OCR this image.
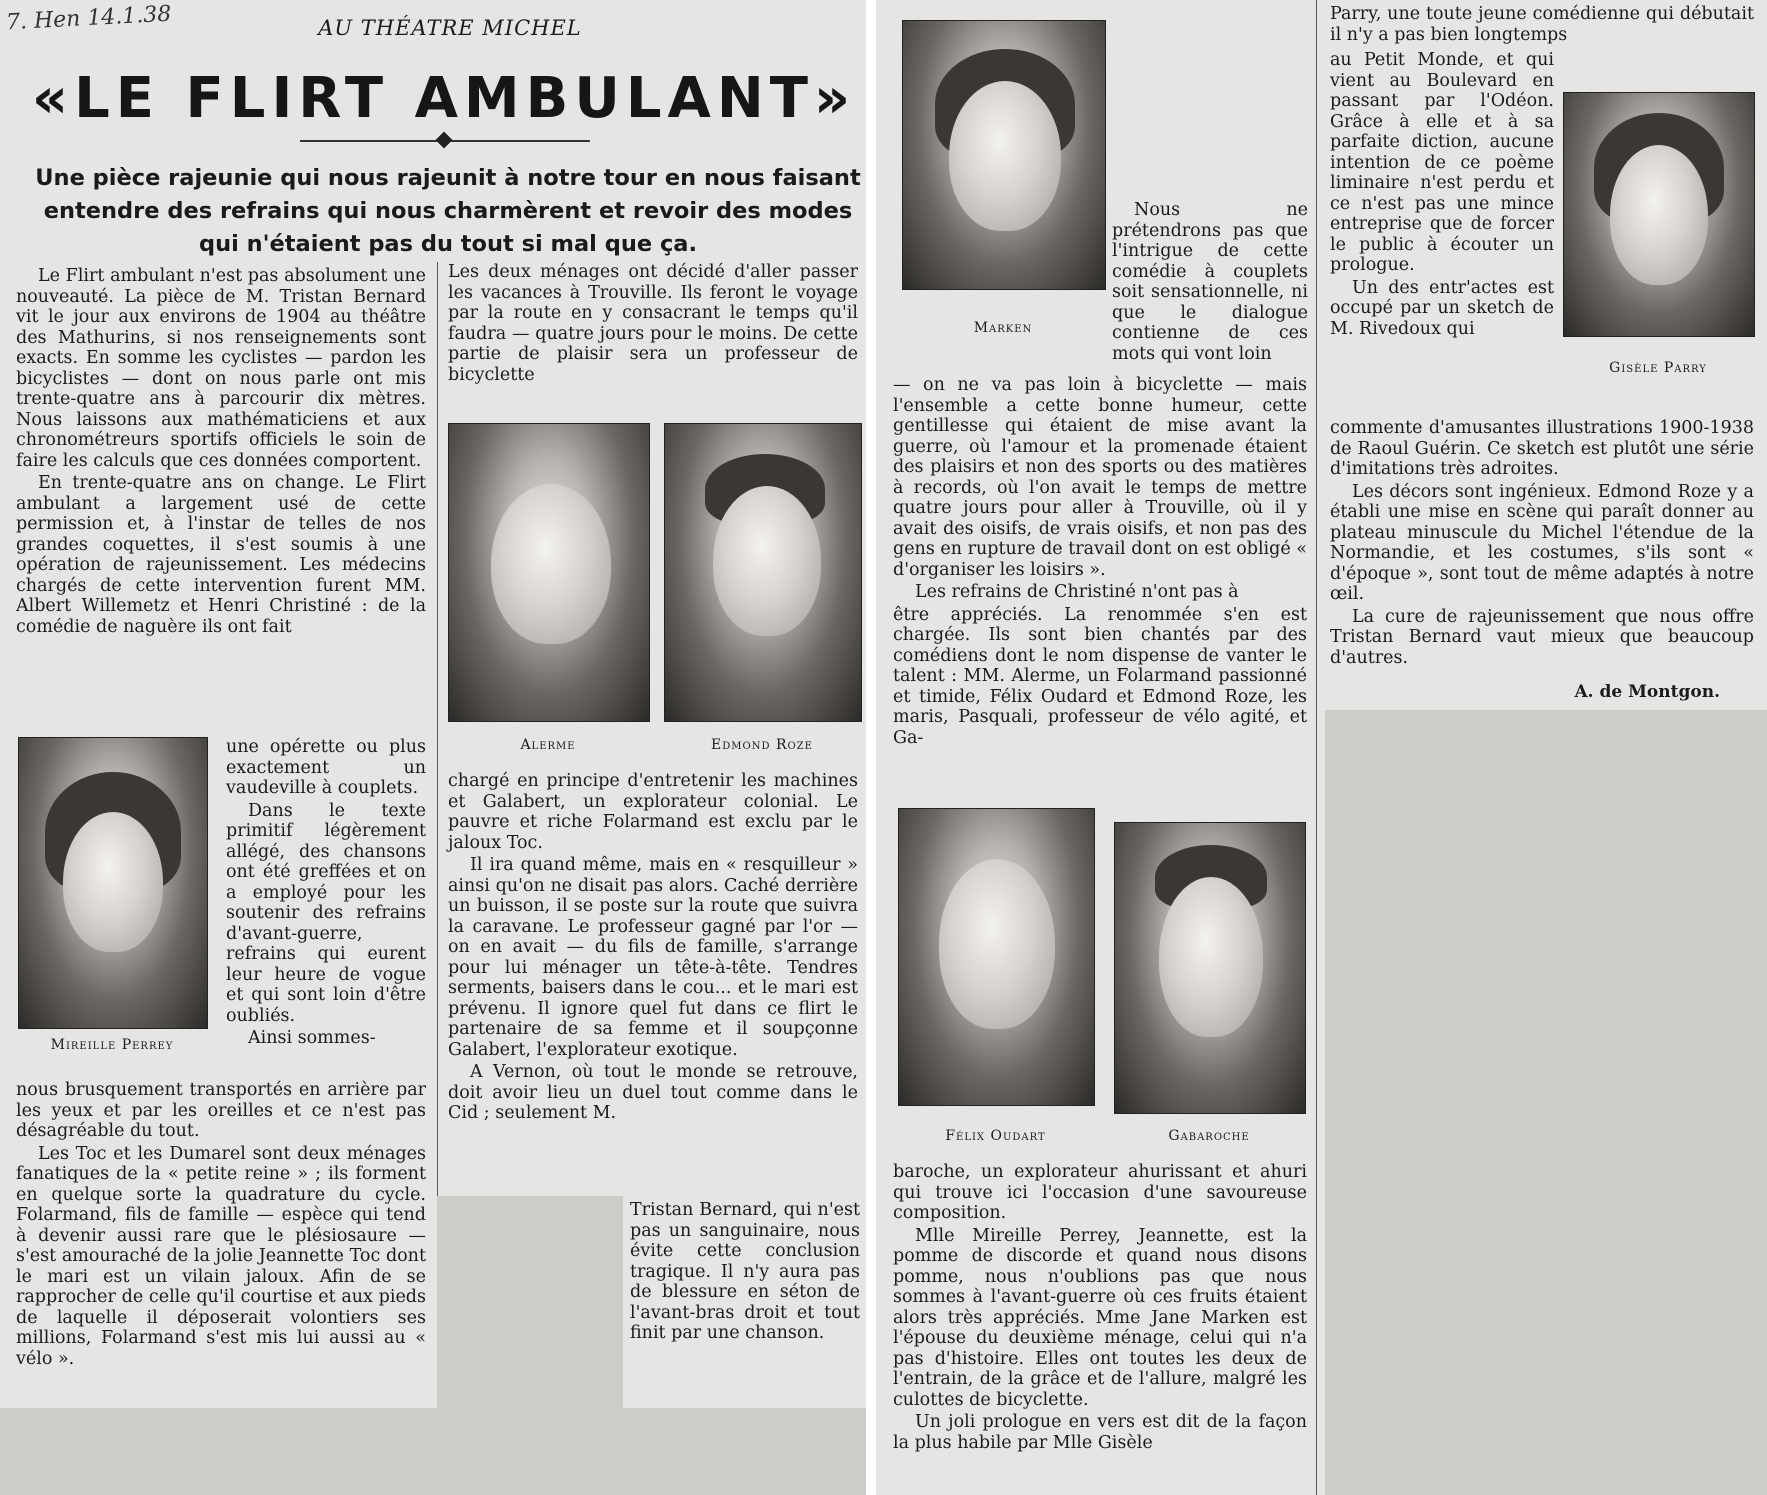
7. Hen 14.1.38	AU THÉATRE MICHEL
«LE FLIRT AMBULANT»
Une pièce rajeunie qui nous rajeunit à notre tour en nous faisant entendre des refrains qui nous charmèrent et revoir des modes qui n'étaient pas du tout si mal que ça.

Le Flirt ambulant n'est pas absolument une nouveauté. La pièce de M. Tristan Bernard vit le jour aux environs de 1904 au théâtre des Mathurins, si nos renseignements sont exacts. En somme les cyclistes — pardon les bicyclistes — dont on nous parle ont mis trente-quatre ans à parcourir dix mètres. Nous laissons aux mathématiciens et aux chronométreurs sportifs officiels le soin de faire les calculs que ces données comportent.

En trente-quatre ans on change. Le Flirt ambulant a largement usé de cette permission et, à l'instar de telles de nos grandes coquettes, il s'est soumis à une opération de rajeunissement. Les médecins chargés de cette intervention furent MM. Albert Willemetz et Henri Christiné : de la comédie de naguère ils ont fait

Mireille Perrey

une opérette ou plus exactement un vaudeville à couplets.

Dans le texte primitif légèrement allégé, des chansons ont été greffées et on a employé pour les soutenir des refrains d'avant-guerre, refrains qui eurent leur heure de vogue et qui sont loin d'être oubliés.

Ainsi sommes-

nous brusquement transportés en arrière par les yeux et par les oreilles et ce n'est pas désagréable du tout.

Les Toc et les Dumarel sont deux ménages fanatiques de la « petite reine » ; ils forment en quelque sorte la quadrature du cycle. Folarmand, fils de famille — espèce qui tend à devenir aussi rare que le plésiosaure — s'est amouraché de la jolie Jeannette Toc dont le mari est un vilain jaloux. Afin de se rapprocher de celle qu'il courtise et aux pieds de laquelle il déposerait volontiers ses millions, Folarmand s'est mis lui aussi au « vélo ».

Les deux ménages ont décidé d'aller passer les vacances à Trouville. Ils feront le voyage par la route en y consacrant le temps qu'il faudra — quatre jours pour le moins. De cette partie de plaisir sera un professeur de bicyclette

Alerme	Edmond Roze

chargé en principe d'entretenir les machines et Galabert, un explorateur colonial. Le pauvre et riche Folarmand est exclu par le jaloux Toc.

Il ira quand même, mais en « resquilleur » ainsi qu'on ne disait pas alors. Caché derrière un buisson, il se poste sur la route que suivra la caravane. Le professeur gagné par l'or — on en avait — du fils de famille, s'arrange pour lui ménager un tête-à-tête. Tendres serments, baisers dans le cou... et le mari est prévenu. Il ignore quel fut dans ce flirt le partenaire de sa femme et il soupçonne Galabert, l'explorateur exotique.

A Vernon, où tout le monde se retrouve, doit avoir lieu un duel tout comme dans le Cid ; seulement M.

Tristan Bernard, qui n'est pas un sanguinaire, nous évite cette conclusion tragique. Il n'y aura pas de blessure en séton de l'avant-bras droit et tout finit par une chanson.

Marken

Nous ne prétendrons pas que l'intrigue de cette comédie à couplets soit sensationnelle, ni que le dialogue contienne de ces mots qui vont loin

— on ne va pas loin à bicyclette — mais l'ensemble a cette bonne humeur, cette gentillesse qui étaient de mise avant la guerre, où l'amour et la promenade étaient des plaisirs et non des sports ou des matières à records, où l'on avait le temps de mettre quatre jours pour aller à Trouville, où il y avait des oisifs, de vrais oisifs, et non pas des gens en rupture de travail dont on est obligé « d'organiser les loisirs ».

Les refrains de Christiné n'ont pas à

être appréciés. La renommée s'en est chargée. Ils sont bien chantés par des comédiens dont le nom dispense de vanter le talent : MM. Alerme, un Folarmand passionné et timide, Félix Oudard et Edmond Roze, les maris, Pasquali, professeur de vélo agité, et Ga-

Félix Oudart	Gabaroche

baroche, un explorateur ahurissant et ahuri qui trouve ici l'occasion d'une savoureuse composition.

Mlle Mireille Perrey, Jeannette, est la pomme de discorde et quand nous disons pomme, nous n'oublions pas que nous sommes à l'avant-guerre où ces fruits étaient alors très appréciés. Mme Jane Marken est l'épouse du deuxième ménage, celui qui n'a pas d'histoire. Elles ont toutes les deux de l'entrain, de la grâce et de l'allure, malgré les culottes de bicyclette.

Un joli prologue en vers est dit de la façon la plus habile par Mlle Gisèle

Parry, une toute jeune comédienne qui débutait il n'y a pas bien longtemps

au Petit Monde, et qui vient au Boulevard en passant par l'Odéon. Grâce à elle et à sa parfaite diction, aucune intention de ce poème liminaire n'est perdu et ce n'est pas une mince entreprise que de forcer le public à écouter un prologue.

Un des entr'actes est occupé par un sketch de M. Rivedoux qui

Gisèle Parry

commente d'amusantes illustrations 1900-1938 de Raoul Guérin. Ce sketch est plutôt une série d'imitations très adroites.

Les décors sont ingénieux. Edmond Roze y a établi une mise en scène qui paraît donner au plateau minuscule du Michel l'étendue de la Normandie, et les costumes, s'ils sont « d'époque », sont tout de même adaptés à notre œil.

La cure de rajeunissement que nous offre Tristan Bernard vaut mieux que beaucoup d'autres.

A. de Montgon.
